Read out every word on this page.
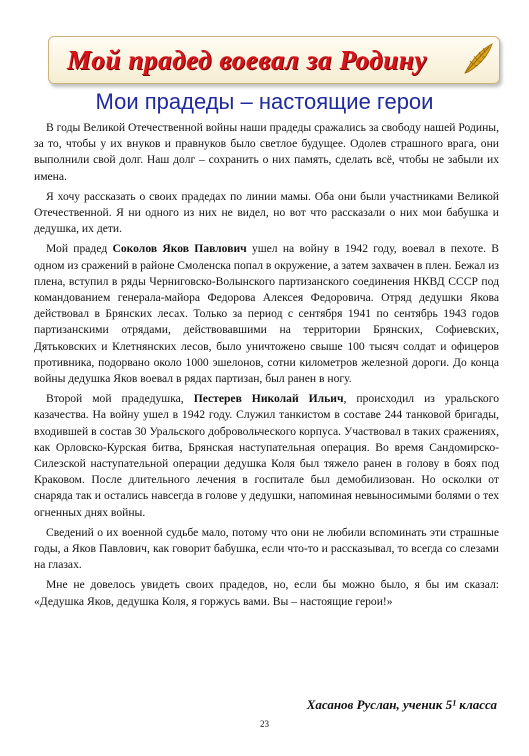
Мой прадед воевал за Родину
Мои прадеды – настоящие герои

В годы Великой Отечественной войны наши прадеды сражались за свободу нашей Родины, за то, чтобы у их внуков и правнуков было светлое будущее. Одолев страшного врага, они выполнили свой долг. Наш долг – сохранить о них память, сделать всё, чтобы не забыли их имена.

Я хочу рассказать о своих прадедах по линии мамы. Оба они были участниками Великой Отечественной. Я ни одного из них не видел, но вот что рассказали о них мои бабушка и дедушка, их дети.

Мой прадед Соколов Яков Павлович ушел на войну в 1942 году, воевал в пехоте. В одном из сражений в районе Смоленска попал в окружение, а затем захвачен в плен. Бежал из плена, вступил в ряды Черниговско-Волынского партизанского соединения НКВД СССР под командованием генерала-майора Федорова Алексея Федоровича. Отряд дедушки Якова действовал в Брянских лесах. Только за период с сентября 1941 по сентябрь 1943 годов партизанскими отрядами, действовавшими на территории Брянских, Софиевских, Дятьковских и Клетнянских лесов, было уничтожено свыше 100 тысяч солдат и офицеров противника, подорвано около 1000 эшелонов, сотни километров железной дороги. До конца войны дедушка Яков воевал в рядах партизан, был ранен в ногу.

Второй мой прадедушка, Пестерев Николай Ильич, происходил из уральского казачества. На войну ушел в 1942 году. Служил танкистом в составе 244 танковой бригады, входившей в состав 30 Уральского добровольческого корпуса. Участвовал в таких сражениях, как Орловско-Курская битва, Брянская наступательная операция. Во время Сандомирско-Силезской наступательной операции дедушка Коля был тяжело ранен в голову в боях под Краковом. После длительного лечения в госпитале был демобилизован. Но осколки от снаряда так и остались навсегда в голове у дедушки, напоминая невыносимыми болями о тех огненных днях войны.

Сведений о их военной судьбе мало, потому что они не любили вспоминать эти страшные годы, а Яков Павлович, как говорит бабушка, если что-то и рассказывал, то всегда со слезами на глазах.

Мне не довелось увидеть своих прадедов, но, если бы можно было, я бы им сказал: «Дедушка Яков, дедушка Коля, я горжусь вами. Вы – настоящие герои!»

Хасанов Руслан, ученик 5¹ класса

23
